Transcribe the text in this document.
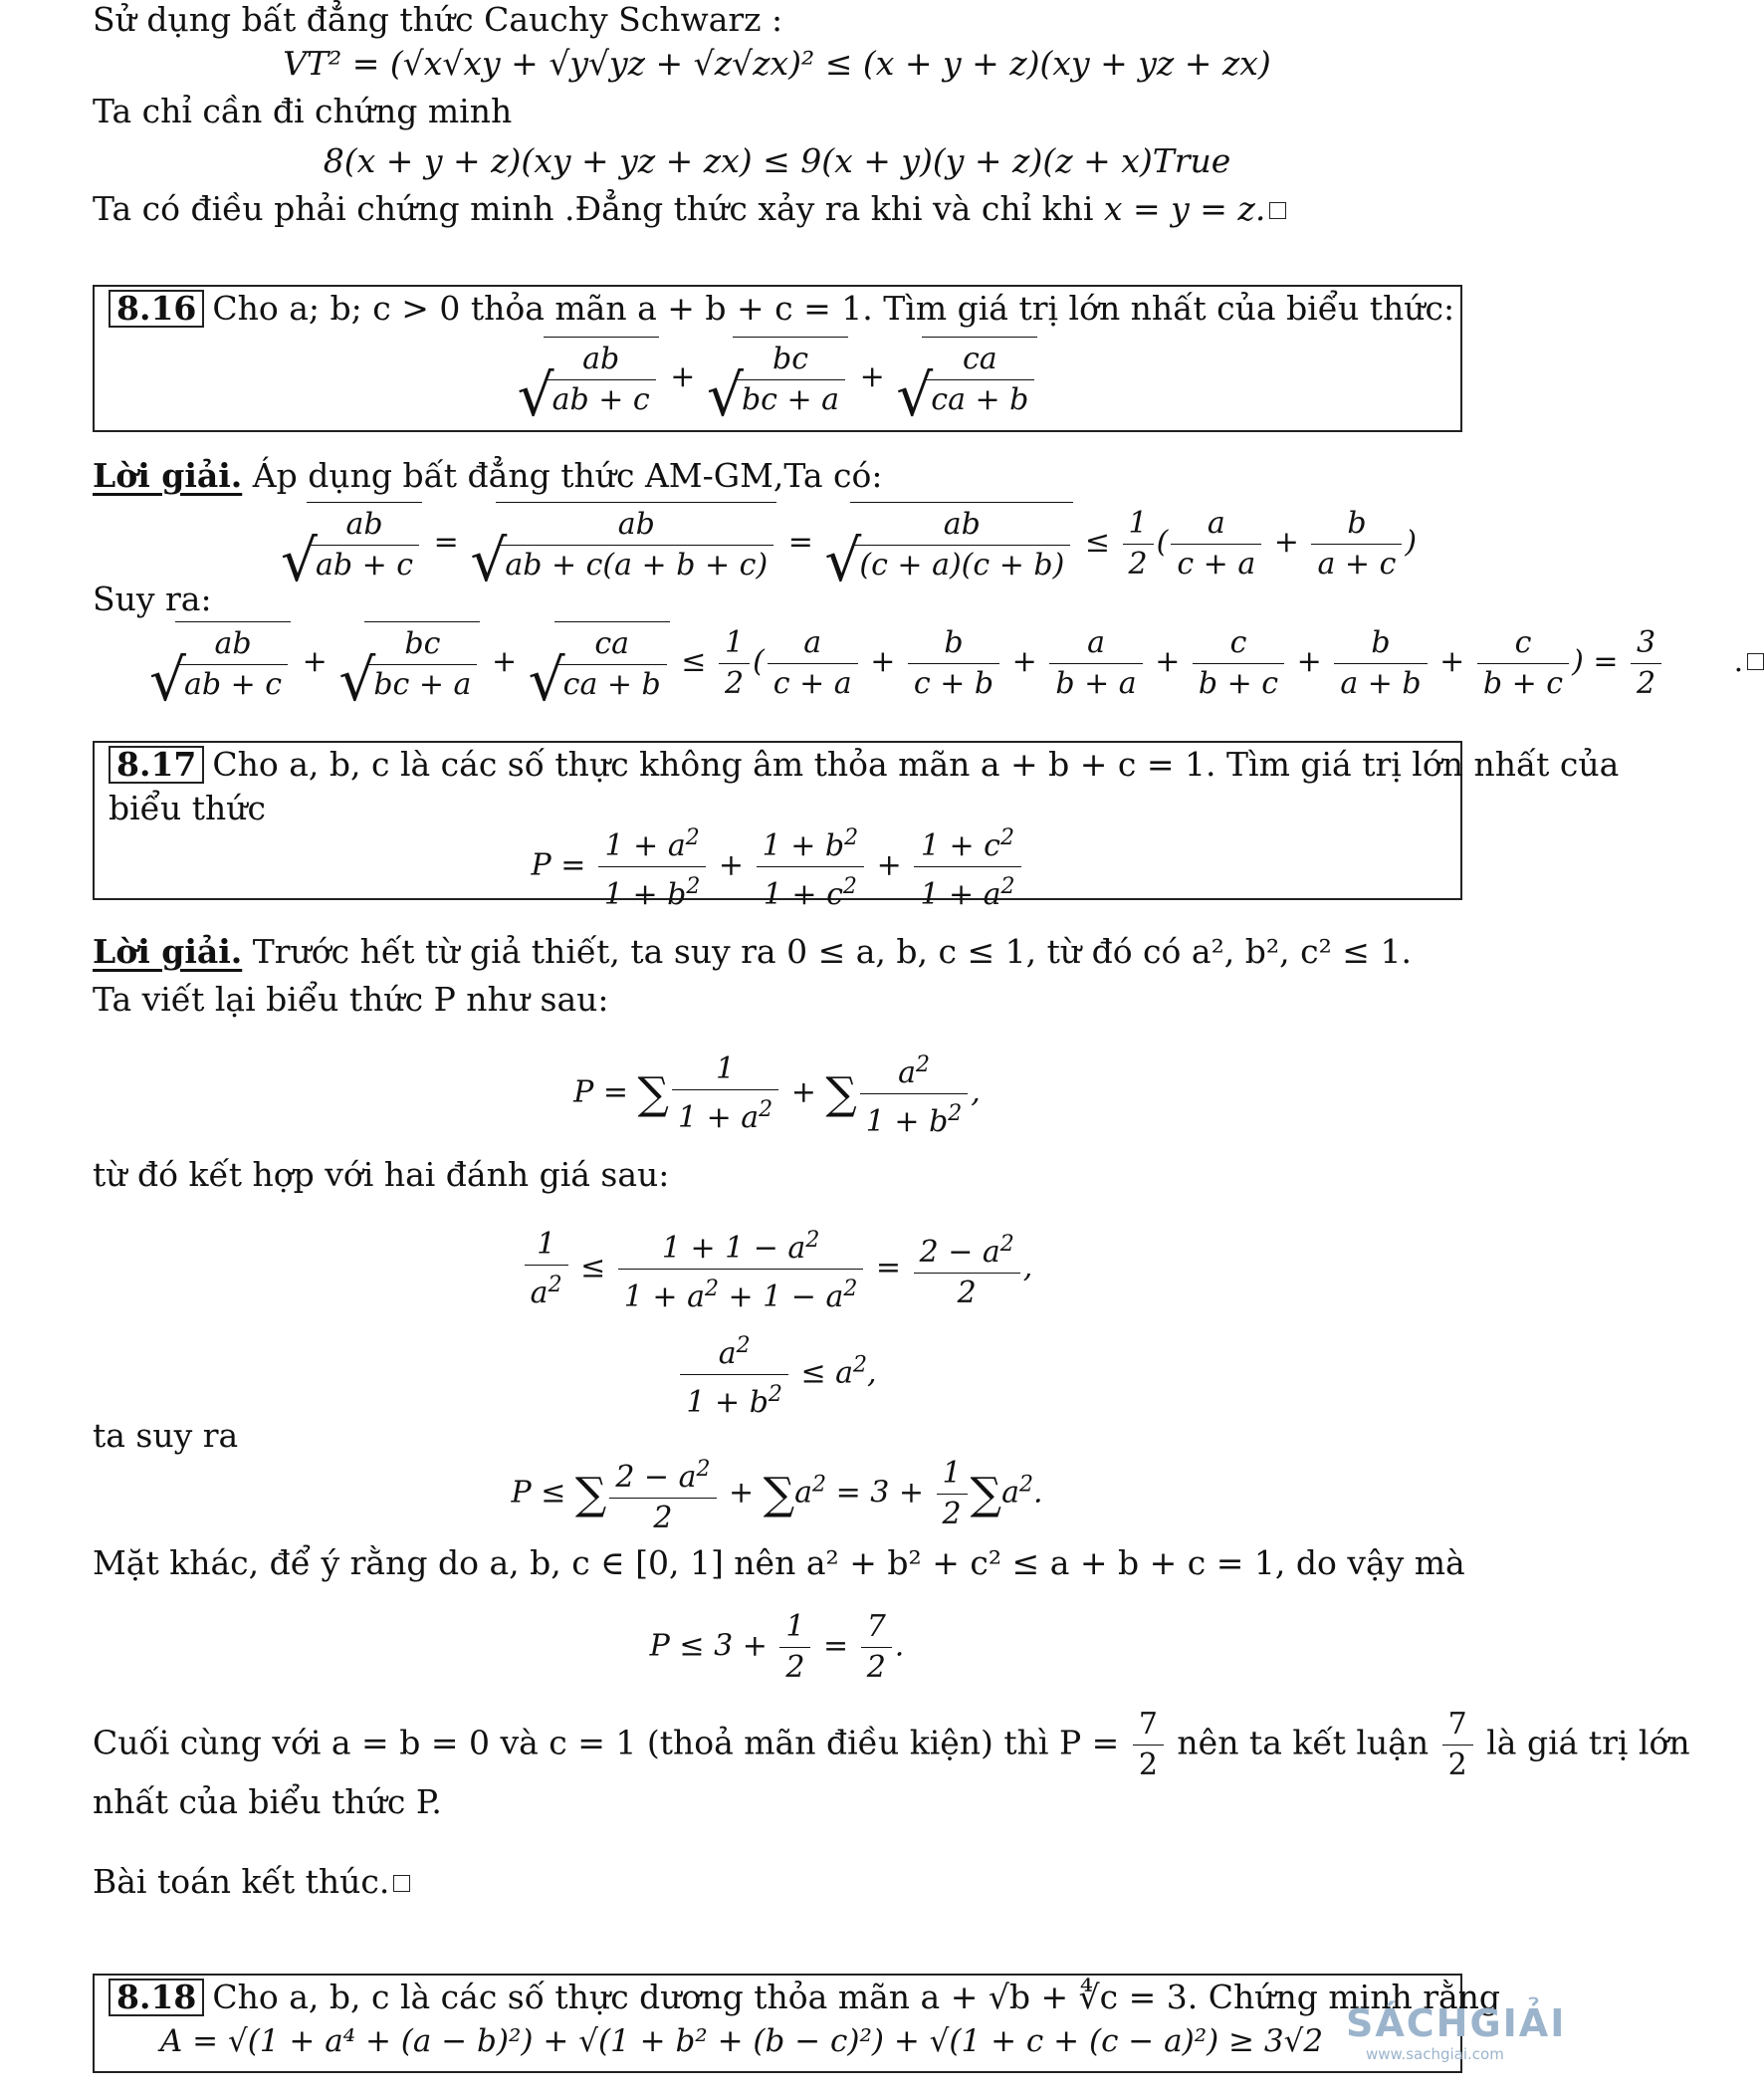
Sử dụng bất đẳng thức Cauchy Schwarz :
VT² = (√x√xy + √y√yz + √z√zx)² ≤ (x + y + z)(xy + yz + zx)
Ta chỉ cần đi chứng minh
8(x + y + z)(xy + yz + zx) ≤ 9(x + y)(y + z)(z + x)True
Ta có điều phải chứng minh .Đẳng thức xảy ra khi và chỉ khi x = y = z.
8.16 Cho a; b; c > 0 thỏa mãn a + b + c = 1. Tìm giá trị lớn nhất của biểu thức:
√ $\frac{ab}{ab + c}$ + √ $\frac{bc}{bc + a}$ + √ $\frac{ca}{ca + b}$
Lời giải. Áp dụng bất đẳng thức AM-GM,Ta có:
√ $\frac{ab}{ab + c}$ = √ $\frac{ab}{ab + c(a + b + c)}$ = √ $\frac{ab}{(c + a)(c + b)} \le \frac{1}{2}$ ( $\frac{a}{c + a} + \frac{b}{a + c}$ )
Suy ra:
√ $\frac{ab}{ab + c}$ + √ $\frac{bc}{bc + a}$ + √ $\frac{ca}{ca + b} \le \frac{1}{2}$ ( $\frac{a}{c + a} + \frac{b}{c + b} + \frac{a}{b + a} + \frac{c}{b + c} + \frac{b}{a + b} + \frac{c}{b + c}$ ) = $\frac{3}{2}$ .
8.17 Cho a, b, c là các số thực không âm thỏa mãn a + b + c = 1. Tìm giá trị lớn nhất của
biểu thức
$P = \frac{1 + a^2}{1 + b^2} + \frac{1 + b^2}{1 + c^2} + \frac{1 + c^2}{1 + a^2}$
Lời giải. Trước hết từ giả thiết, ta suy ra 0 ≤ a, b, c ≤ 1, từ đó có a², b², c² ≤ 1.
Ta viết lại biểu thức P như sau:
P = ∑ $\frac{1}{1 + a^2}$ + ∑ $\frac{a^2}{1 + b^2}$ ,
từ đó kết hợp với hai đánh giá sau:
$\frac{1}{a^2} \le \frac{1 + 1 - a^2}{1 + a^2 + 1 - a^2} = \frac{2 - a^2}{2}$ ,
$\frac{a^2}{1 + b^2} \le a^2$,
ta suy ra
P ≤ ∑ $\frac{2 - a^2}{2} + \sum a^2 = 3 + \frac{1}{2} \sum a^2$.
Mặt khác, để ý rằng do a, b, c ∈ [0, 1] nên a² + b² + c² ≤ a + b + c = 1, do vậy mà
$P \le 3 + \frac{1}{2} = \frac{7}{2}$ .
Cuối cùng với a = b = 0 và c = 1 (thoả mãn điều kiện) thì $P = \frac{7}{2}$ nên ta kết luận $\frac{7}{2}$ là giá trị lớn
nhất của biểu thức P.
Bài toán kết thúc.
8.18 Cho a, b, c là các số thực dương thỏa mãn a + √b + ∜c = 3. Chứng minh rằng
A = √(1 + a⁴ + (a − b)²) + √(1 + b² + (b − c)²) + √(1 + c + (c − a)²) ≥ 3√2 SÁCHGIẢI
www.sachgiai.com
